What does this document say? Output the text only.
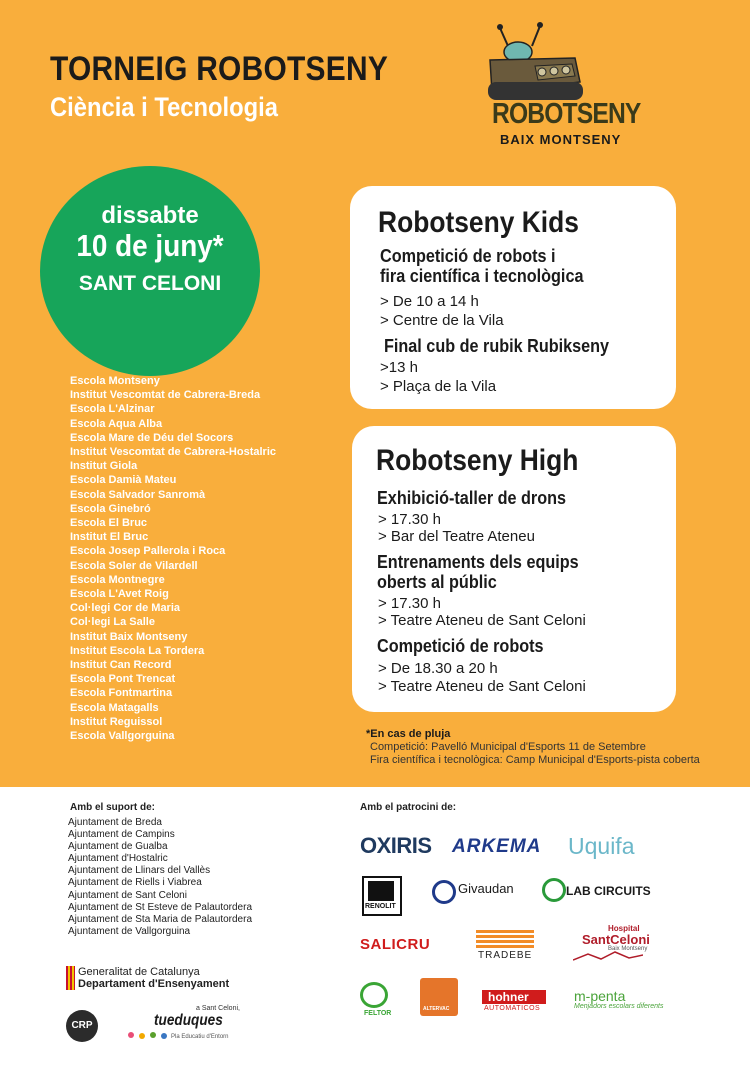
TORNEIG ROBOTSENY
Ciència i Tecnologia	ROBOTSENY
BAIX MONTSENY
dissabte
10 de juny*
SANT CELONI
Escola Montseny
Institut Vescomtat de Cabrera-Breda
Escola L'Alzinar
Escola Aqua Alba
Escola Mare de Déu del Socors
Institut Vescomtat de Cabrera-Hostalric
Institut Giola
Escola Damià Mateu
Escola Salvador Sanromà
Escola Ginebró
Escola El Bruc
Institut El Bruc
Escola Josep Pallerola i Roca
Escola Soler de Vilardell
Escola Montnegre
Escola L'Avet Roig
Col·legi Cor de Maria
Col·legi La Salle
Institut Baix Montseny
Institut Escola La Tordera
Institut Can Record
Escola Pont Trencat
Escola Fontmartina
Escola Matagalls
Institut Reguissol
Escola Vallgorguina
Robotseny Kids
Competició de robots i
fira científica i tecnològica
> De 10 a 14 h
> Centre de la Vila
Final cub de rubik Rubikseny
>13 h
> Plaça de la Vila
Robotseny High
Exhibició-taller de drons
> 17.30 h
> Bar del Teatre Ateneu
Entrenaments dels equips
oberts al públic
> 17.30 h
> Teatre Ateneu de Sant Celoni
Competició de robots
> De 18.30 a 20 h
> Teatre Ateneu de Sant Celoni
*En cas de pluja
Competició: Pavelló Municipal d'Esports 11 de Setembre
Fira científica i tecnològica: Camp Municipal d'Esports-pista coberta
Amb el suport de:
Ajuntament de Breda
Ajuntament de Campins
Ajuntament de Gualba
Ajuntament d'Hostalric
Ajuntament de Llinars del Vallès
Ajuntament de Riells i Viabrea
Ajuntament de Sant Celoni
Ajuntament de St Esteve de Palautordera
Ajuntament de Sta Maria de Palautordera
Ajuntament de Vallgorguina
Generalitat de Catalunya
Departament d'Ensenyament
CRP
a Sant Celoni,
tueduques
Pla Educatiu d'Entorn
Amb el patrocini de:
OXIRIS ARKEMA Uquifa
RENOLIT
Givaudan	LAB CIRCUITS
SALICRU
TRADEBE
Hospital
SantCeloni
Baix Montseny
FELTOR
ALTERVAC
hohner
AUTOMATICOS
m-penta
Menjadors escolars diferents
